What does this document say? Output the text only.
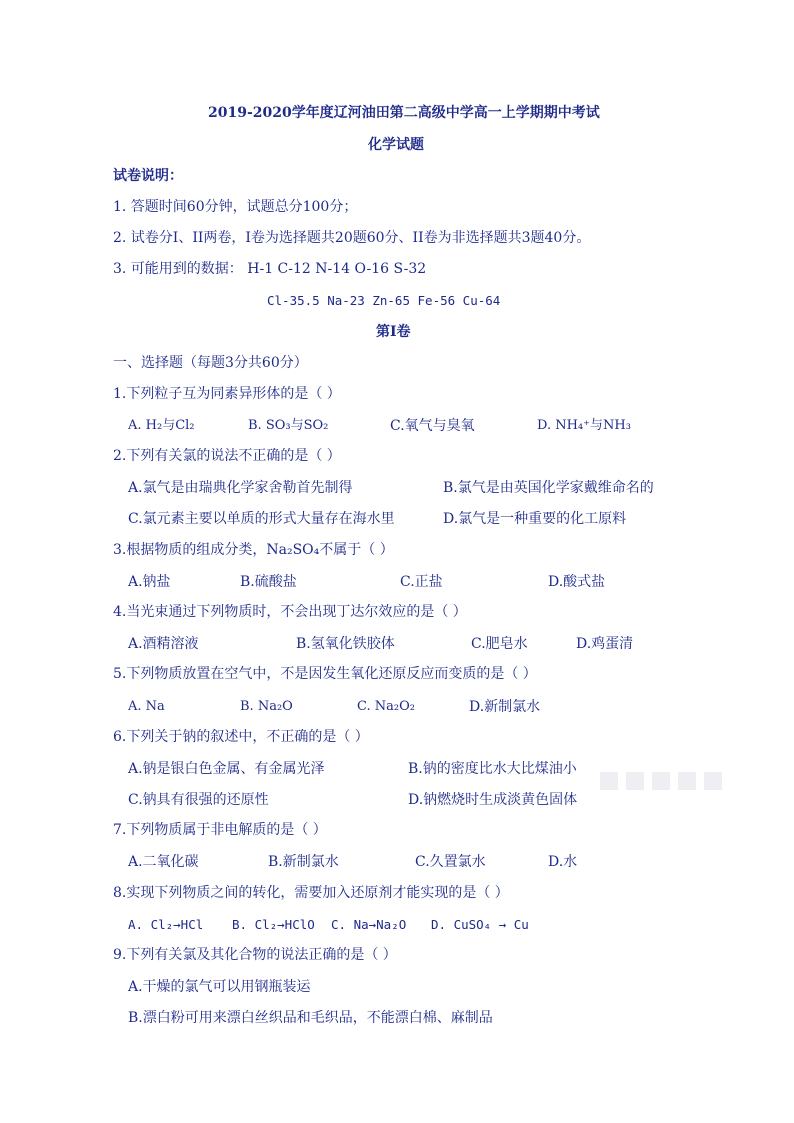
2019-2020学年度辽河油田第二高级中学高一上学期期中考试
化学试题
试卷说明：
1. 答题时间60分钟，试题总分100分；
2. 试卷分I、II两卷，I卷为选择题共20题60分、II卷为非选择题共3题40分。
3. 可能用到的数据： H-1 C-12 N-14 O-16 S-32
Cl-35.5 Na-23 Zn-65 Fe-56 Cu-64
第I卷
一、选择题（每题3分共60分）
1.下列粒子互为同素异形体的是（ ）
A. H₂与Cl₂	B. SO₃与SO₂	C.氧气与臭氧	D. NH₄⁺与NH₃
2.下列有关氯的说法不正确的是（ ）
A.氯气是由瑞典化学家舍勒首先制得	B.氯气是由英国化学家戴维命名的
C.氯元素主要以单质的形式大量存在海水里	D.氯气是一种重要的化工原料
3.根据物质的组成分类，Na₂SO₄不属于（ ）
A.钠盐	B.硫酸盐	C.正盐	D.酸式盐
4.当光束通过下列物质时，不会出现丁达尔效应的是（ ）
A.酒精溶液	B.氢氧化铁胶体	C.肥皂水	D.鸡蛋清
5.下列物质放置在空气中，不是因发生氧化还原反应而变质的是（ ）
A. Na	B. Na₂O	C. Na₂O₂	D.新制氯水
6.下列关于钠的叙述中，不正确的是（ ）
A.钠是银白色金属、有金属光泽	B.钠的密度比水大比煤油小
C.钠具有很强的还原性	D.钠燃烧时生成淡黄色固体
7.下列物质属于非电解质的是（ ）
A.二氧化碳	B.新制氯水	C.久置氯水	D.水
8.实现下列物质之间的转化，需要加入还原剂才能实现的是（ ）
A. Cl₂→HCl B. Cl₂→HClO C. Na→Na₂O D. CuSO₄ → Cu
9.下列有关氯及其化合物的说法正确的是（ ）
A.干燥的氯气可以用钢瓶装运
B.漂白粉可用来漂白丝织品和毛织品，不能漂白棉、麻制品
